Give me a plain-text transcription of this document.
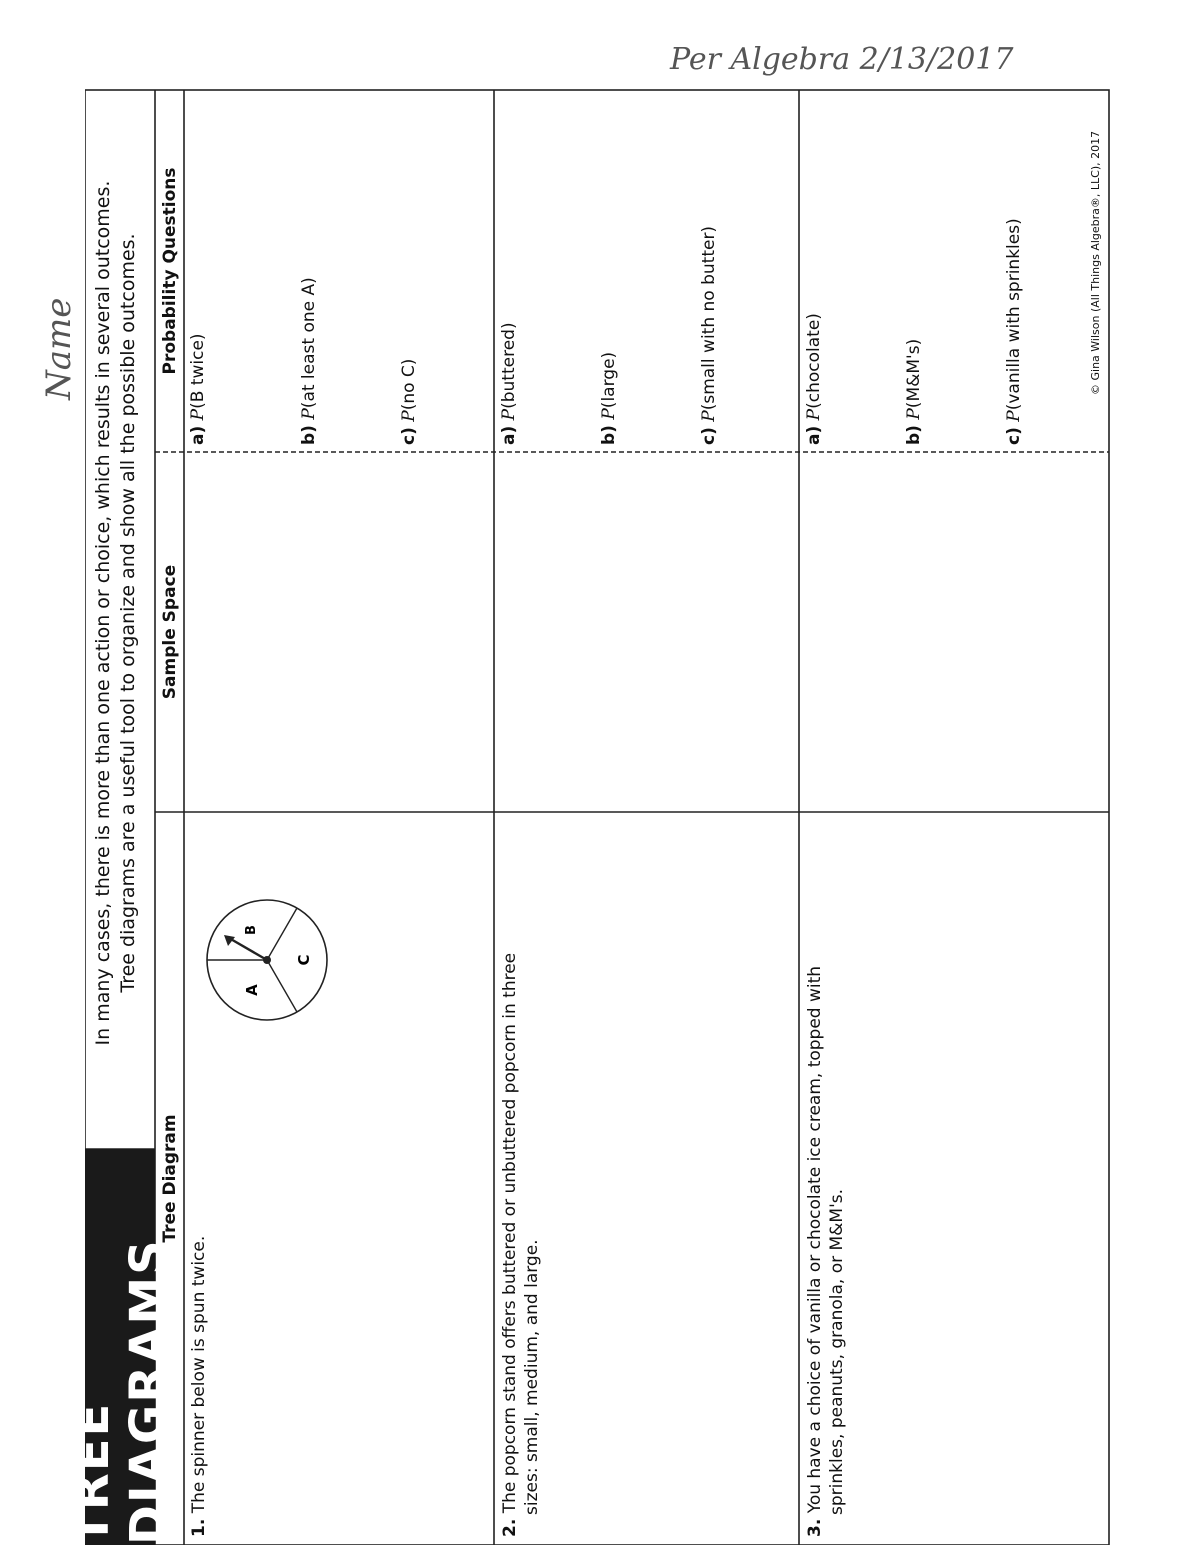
TREE DIAGRAMS
In many cases, there is more than one action or choice, which results in several outcomes. Tree diagrams are a useful tool to organize and show all the possible outcomes.
Name
Tree Diagram
Sample Space
Probability Questions
1. The spinner below is spun twice.
A
B
C
a) P(B twice)
b) P(at least one A)
c) P(no C)
2. The popcorn stand offers buttered or unbuttered popcorn in three sizes: small, medium, and large.
a) P(buttered)
b) P(large)
c) P(small with no butter)
3. You have a choice of vanilla or chocolate ice cream, topped with sprinkles, peanuts, granola, or M&M's.
a) P(chocolate)
b) P(M&M's)
c) P(vanilla with sprinkles)	© Gina Wilson (All Things Algebra®, LLC), 2017
Per Algebra 2/13/2017
